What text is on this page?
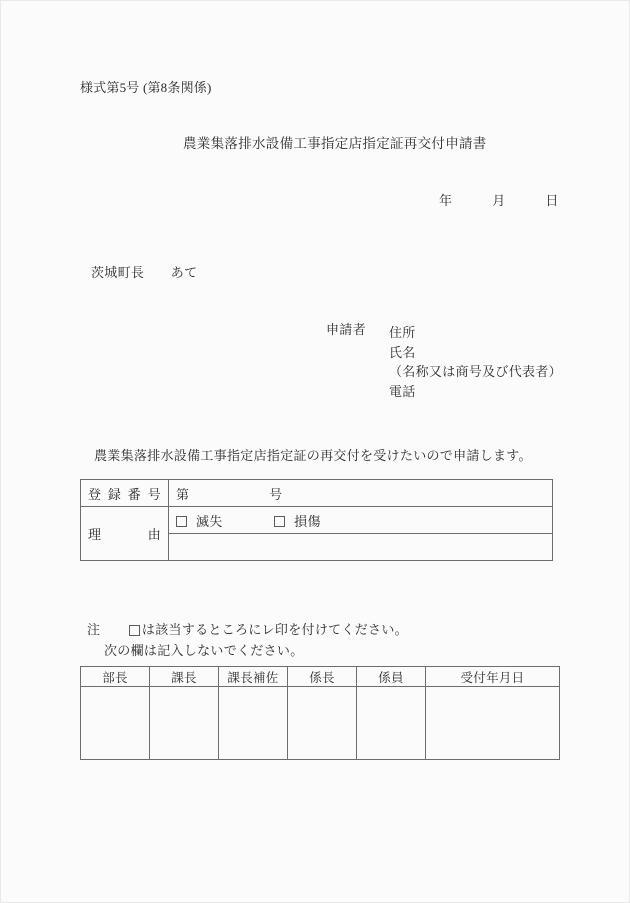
様式第5号 (第8条関係)
農業集落排水設備工事指定店指定証再交付申請書
年　　　月　　　日
茨城町長　　あて
申請者 住所
氏名
（名称又は商号及び代表者）
電話
農業集落排水設備工事指定店指定証の再交付を受けたいので申請します。
登録番号	第　　　　　　号

理由	滅失 損傷

注　　	は該当するところにレ印を付けてください。
次の欄は記入しないでください。
部長	課長	課長補佐	係長	係員	受付年月日
